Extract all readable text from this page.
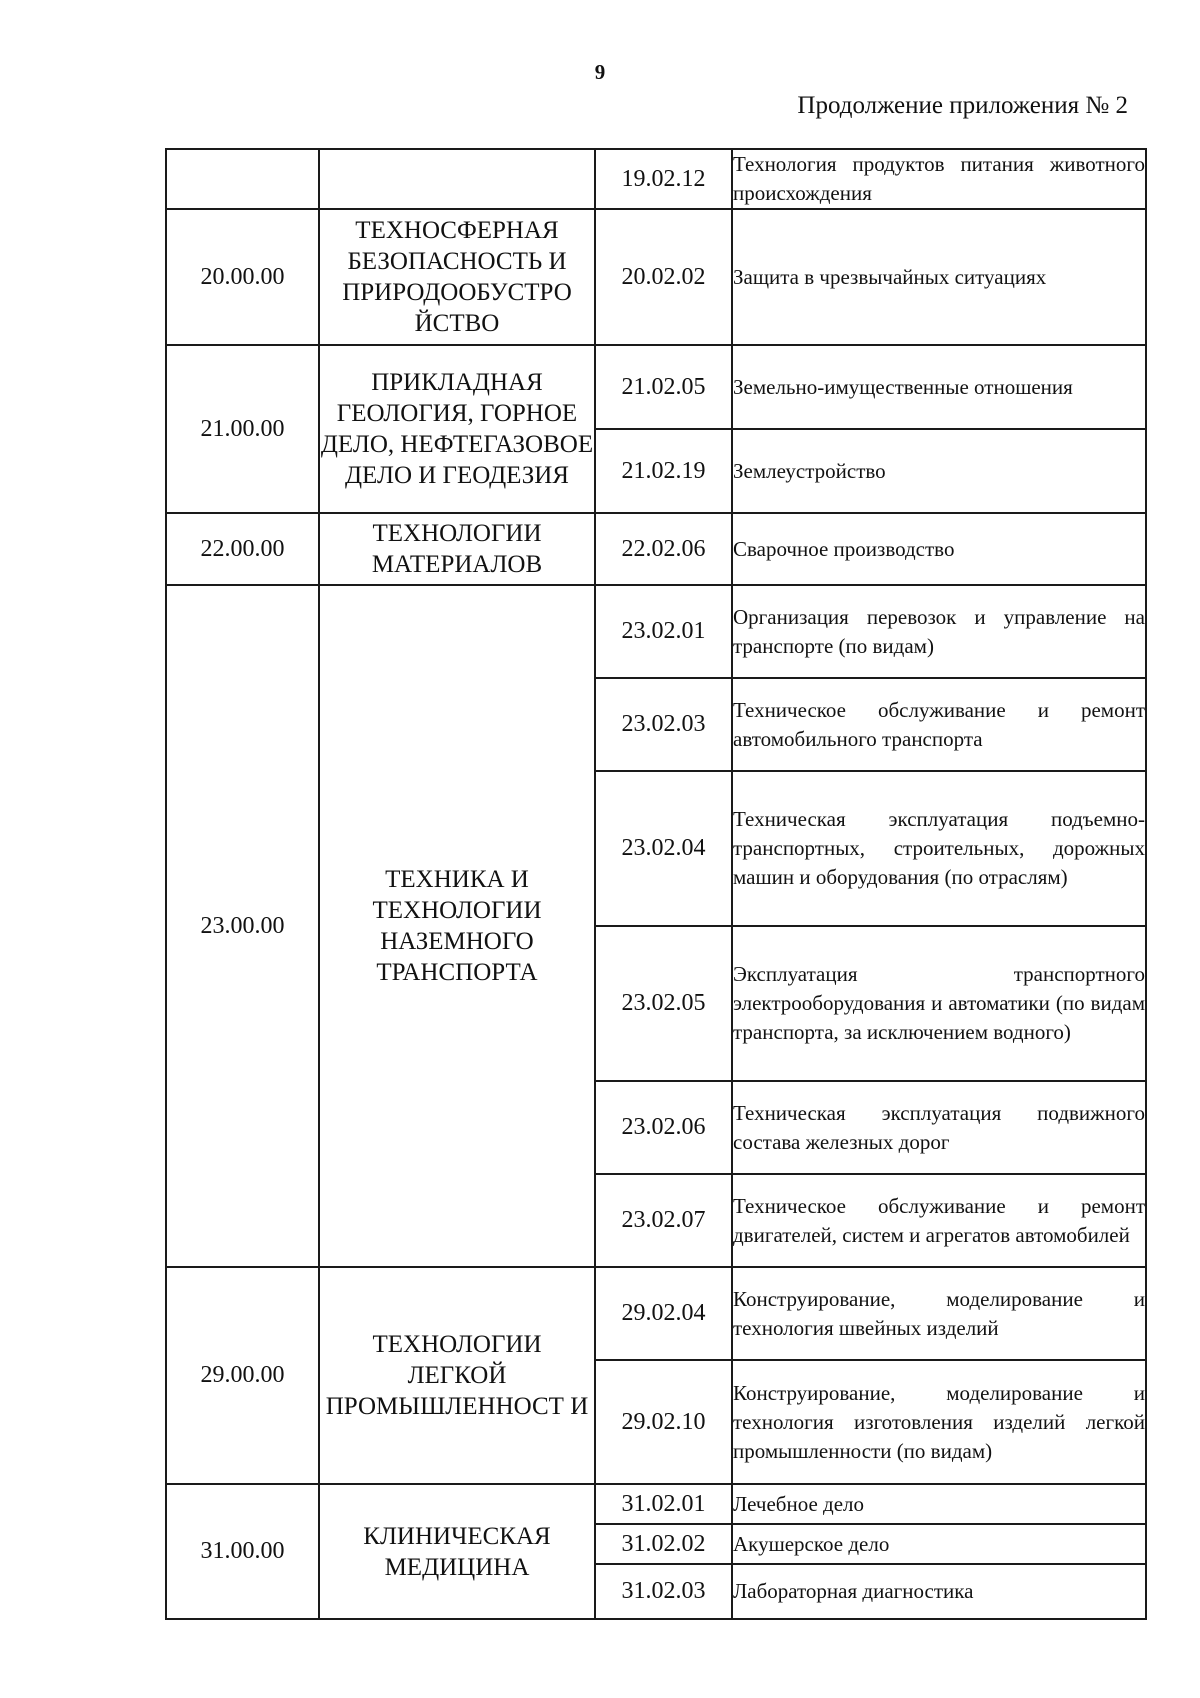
9
Продолжение приложения № 2
		19.02.12	Технология продуктов питания животного происхождения
20.00.00	ТЕХНОСФЕРНАЯ БЕЗОПАСНОСТЬ И ПРИРОДООБУСТРО ЙСТВО	20.02.02	Защита в чрезвычайных ситуациях
21.00.00	ПРИКЛАДНАЯ ГЕОЛОГИЯ, ГОРНОЕ ДЕЛО, НЕФТЕГАЗОВОЕ ДЕЛО И ГЕОДЕЗИЯ	21.02.05	Земельно-имущественные отношения
		21.02.19	Землеустройство
22.00.00	ТЕХНОЛОГИИ МАТЕРИАЛОВ	22.02.06	Сварочное производство
23.00.00	ТЕХНИКА И ТЕХНОЛОГИИ НАЗЕМНОГО ТРАНСПОРТА	23.02.01	Организация перевозок и управление на транспорте (по видам)
		23.02.03	Техническое обслуживание и ремонт автомобильного транспорта
		23.02.04	Техническая эксплуатация подъемно-транспортных, строительных, дорожных машин и оборудования (по отраслям)
		23.02.05	Эксплуатация транспортного электрооборудования и автоматики (по видам транспорта, за исключением водного)
		23.02.06	Техническая эксплуатация подвижного состава железных дорог
		23.02.07	Техническое обслуживание и ремонт двигателей, систем и агрегатов автомобилей
29.00.00	ТЕХНОЛОГИИ ЛЕГКОЙ ПРОМЫШЛЕННОСТ И	29.02.04	Конструирование, моделирование и технология швейных изделий
		29.02.10	Конструирование, моделирование и технология изготовления изделий легкой промышленности (по видам)
31.00.00	КЛИНИЧЕСКАЯ МЕДИЦИНА	31.02.01	Лечебное дело
		31.02.02	Акушерское дело
		31.02.03	Лабораторная диагностика
